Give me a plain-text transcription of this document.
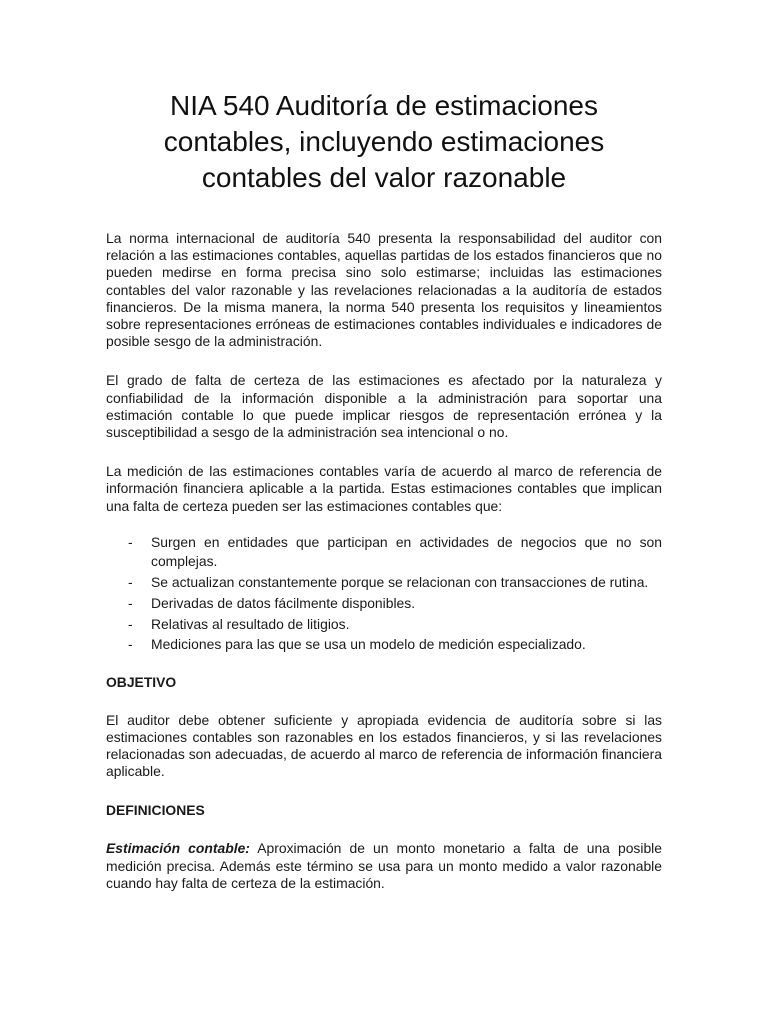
NIA 540 Auditoría de estimaciones contables, incluyendo estimaciones contables del valor razonable

La norma internacional de auditoría 540 presenta la responsabilidad del auditor con relación a las estimaciones contables, aquellas partidas de los estados financieros que no pueden medirse en forma precisa sino solo estimarse; incluidas las estimaciones contables del valor razonable y las revelaciones relacionadas a la auditoría de estados financieros. De la misma manera, la norma 540 presenta los requisitos y lineamientos sobre representaciones erróneas de estimaciones contables individuales e indicadores de posible sesgo de la administración.

El grado de falta de certeza de las estimaciones es afectado por la naturaleza y confiabilidad de la información disponible a la administración para soportar una estimación contable lo que puede implicar riesgos de representación errónea y la susceptibilidad a sesgo de la administración sea intencional o no.

La medición de las estimaciones contables varía de acuerdo al marco de referencia de información financiera aplicable a la partida. Estas estimaciones contables que implican una falta de certeza pueden ser las estimaciones contables que:

- Surgen en entidades que participan en actividades de negocios que no son complejas.
- Se actualizan constantemente porque se relacionan con transacciones de rutina.
- Derivadas de datos fácilmente disponibles.
- Relativas al resultado de litigios.
- Mediciones para las que se usa un modelo de medición especializado.
OBJETIVO

El auditor debe obtener suficiente y apropiada evidencia de auditoría sobre si las estimaciones contables son razonables en los estados financieros, y si las revelaciones relacionadas son adecuadas, de acuerdo al marco de referencia de información financiera aplicable.

DEFINICIONES

Estimación contable: Aproximación de un monto monetario a falta de una posible medición precisa. Además este término se usa para un monto medido a valor razonable cuando hay falta de certeza de la estimación.
